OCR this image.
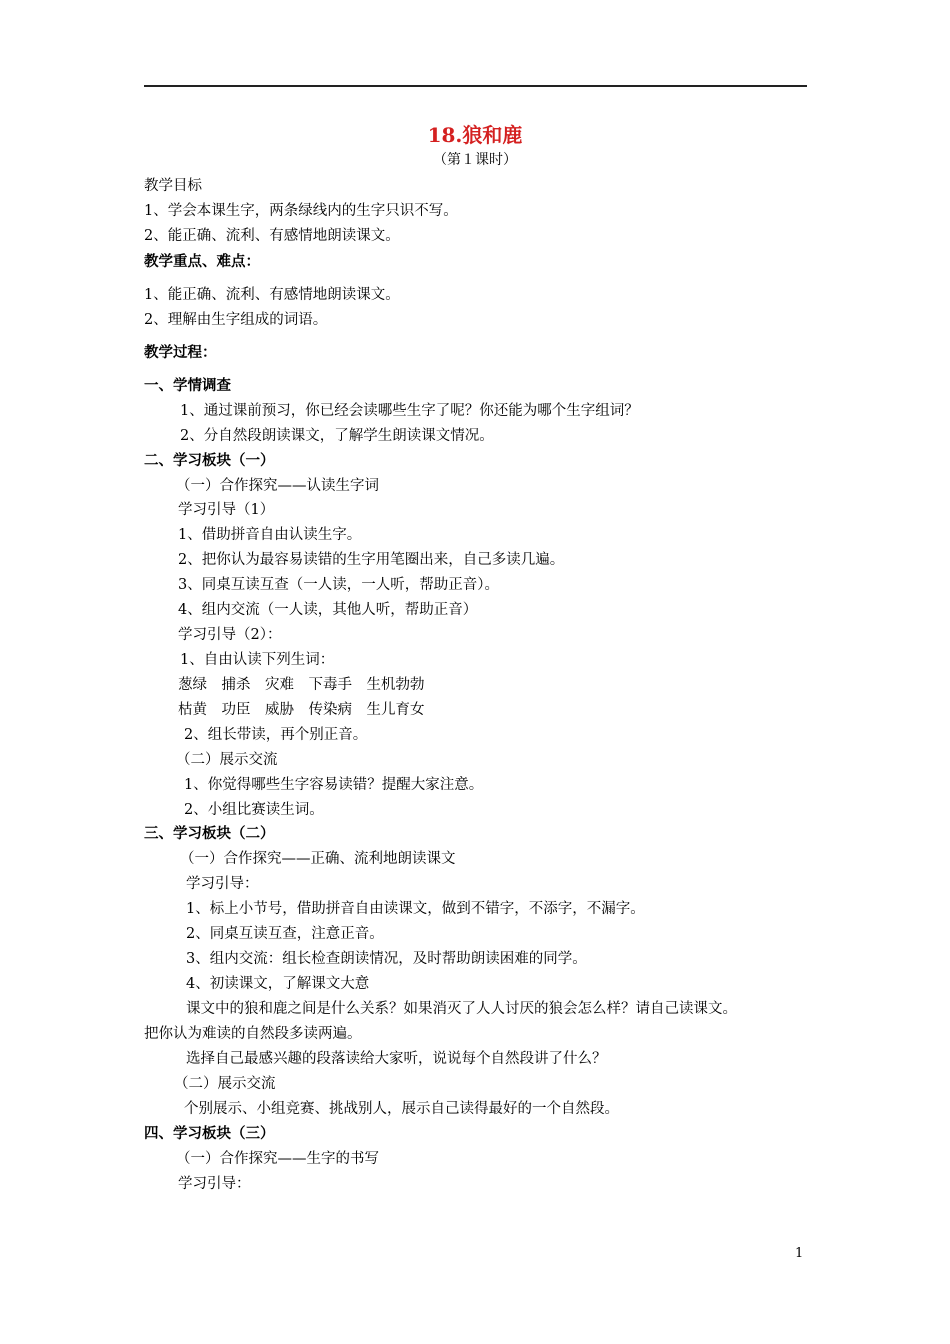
18.狼和鹿
（第１课时）
教学目标
1、学会本课生字，两条绿线内的生字只识不写。
2、能正确、流利、有感情地朗读课文。
教学重点、难点：
1、能正确、流利、有感情地朗读课文。
2、理解由生字组成的词语。
教学过程：
一、学情调查
1、通过课前预习，你已经会读哪些生字了呢？你还能为哪个生字组词？
2、分自然段朗读课文，了解学生朗读课文情况。
二、学习板块（一）
（一）合作探究——认读生字词
学习引导（1）
1、借助拼音自由认读生字。
2、把你认为最容易读错的生字用笔圈出来，自己多读几遍。
3、同桌互读互查（一人读，一人听，帮助正音）。
4、组内交流（一人读，其他人听，帮助正音）
学习引导（2）：
1、自由认读下列生词：
葱绿　捕杀　灾难　下毒手　生机勃勃
枯黄　功臣　威胁　传染病　生儿育女
2、组长带读，再个别正音。
（二）展示交流
1、你觉得哪些生字容易读错？提醒大家注意。
2、小组比赛读生词。
三、学习板块（二）
（一）合作探究——正确、流利地朗读课文
学习引导：
1、标上小节号，借助拼音自由读课文，做到不错字，不添字，不漏字。
2、同桌互读互查，注意正音。
3、组内交流：组长检查朗读情况，及时帮助朗读困难的同学。
4、初读课文，了解课文大意
课文中的狼和鹿之间是什么关系？如果消灭了人人讨厌的狼会怎么样？请自己读课文。
把你认为难读的自然段多读两遍。
选择自己最感兴趣的段落读给大家听，说说每个自然段讲了什么？
（二）展示交流
个别展示、小组竞赛、挑战别人，展示自己读得最好的一个自然段。
四、学习板块（三）
（一）合作探究——生字的书写
学习引导：
1
